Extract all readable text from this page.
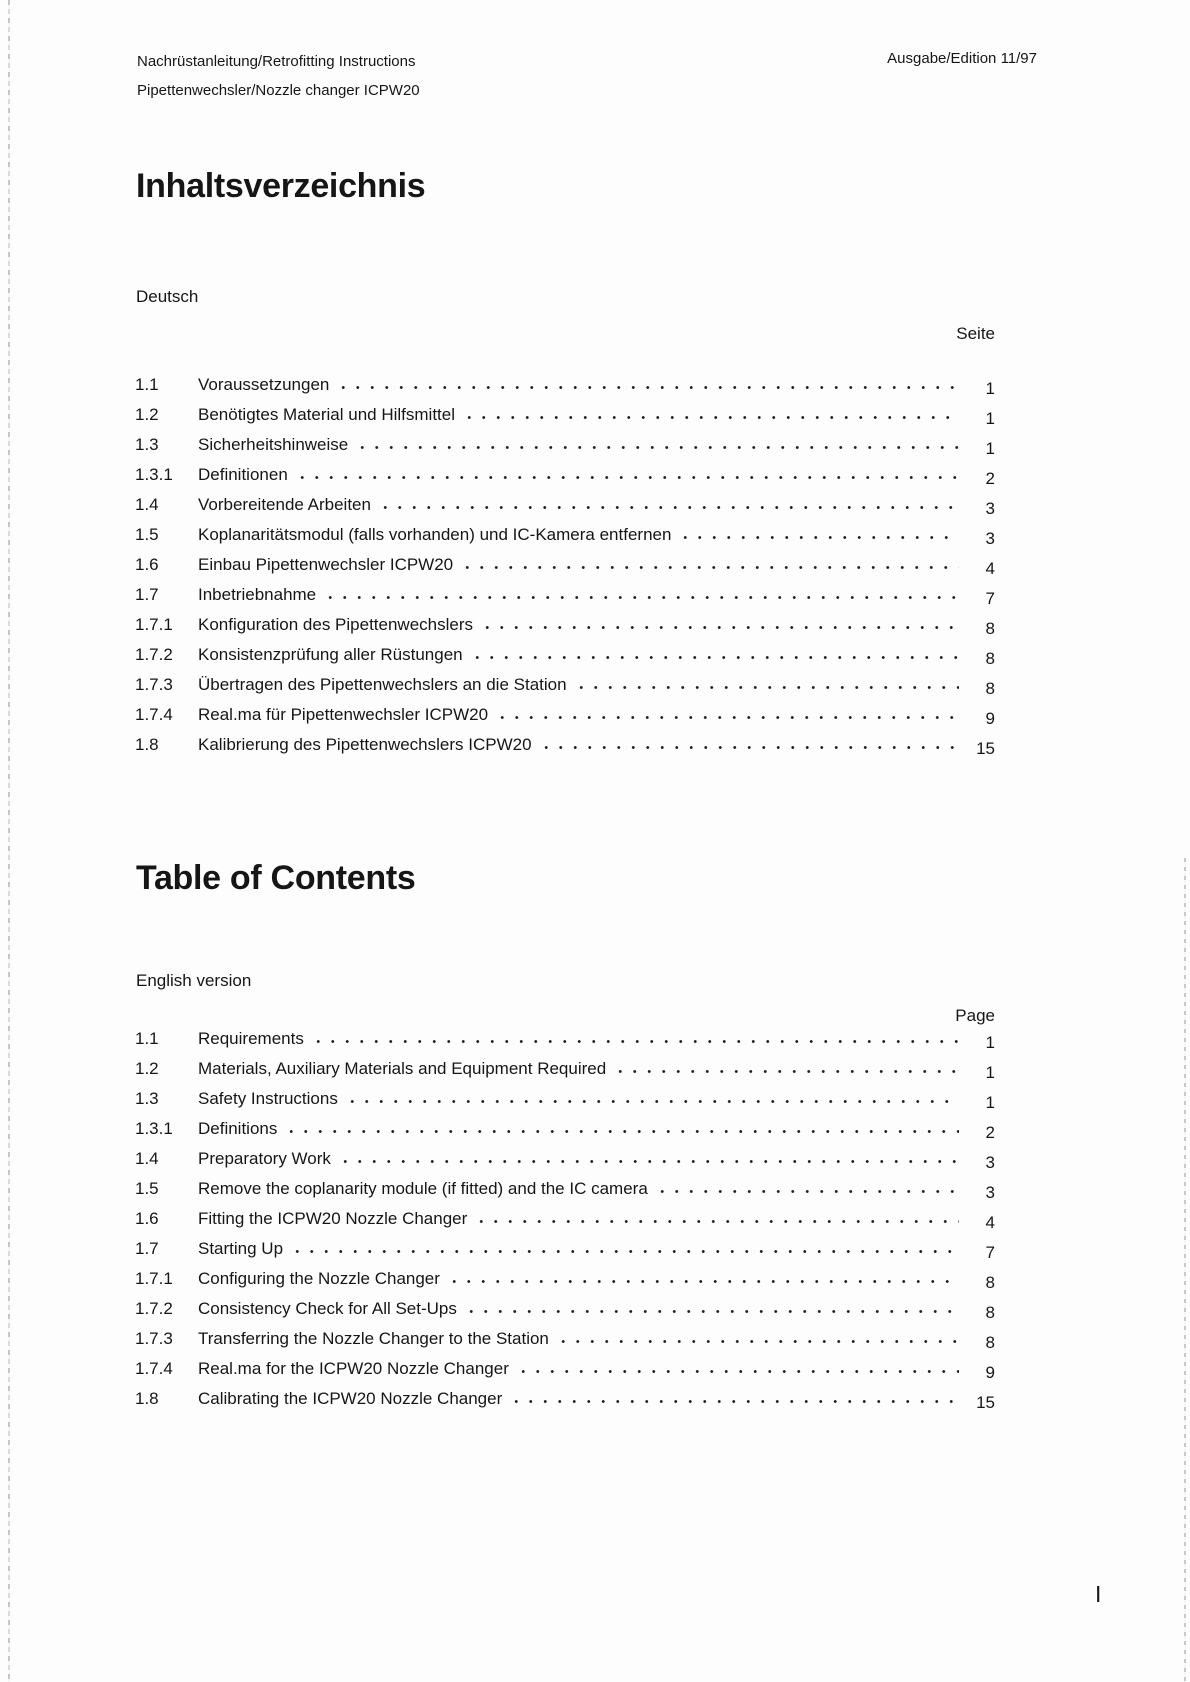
Nachrüstanleitung/Retrofitting Instructions
Pipettenwechsler/Nozzle changer ICPW20
Ausgabe/Edition 11/97
Inhaltsverzeichnis
Deutsch
Seite
1.1	Voraussetzungen	1
1.2	Benötigtes Material und Hilfsmittel	1
1.3	Sicherheitshinweise	1
1.3.1	Definitionen	2
1.4	Vorbereitende Arbeiten	3
1.5	Koplanaritätsmodul (falls vorhanden) und IC-Kamera entfernen	3
1.6	Einbau Pipettenwechsler ICPW20	4
1.7	Inbetriebnahme	7
1.7.1	Konfiguration des Pipettenwechslers	8
1.7.2	Konsistenzprüfung aller Rüstungen	8
1.7.3	Übertragen des Pipettenwechslers an die Station	8
1.7.4	Real.ma für Pipettenwechsler ICPW20	9
1.8	Kalibrierung des Pipettenwechslers ICPW20	15
Table of Contents
English version
Page
1.1	Requirements	1
1.2	Materials, Auxiliary Materials and Equipment Required	1
1.3	Safety Instructions	1
1.3.1	Definitions	2
1.4	Preparatory Work	3
1.5	Remove the coplanarity module (if fitted) and the IC camera	3
1.6	Fitting the ICPW20 Nozzle Changer	4
1.7	Starting Up	7
1.7.1	Configuring the Nozzle Changer	8
1.7.2	Consistency Check for All Set-Ups	8
1.7.3	Transferring the Nozzle Changer to the Station	8
1.7.4	Real.ma for the ICPW20 Nozzle Changer	9
1.8	Calibrating the ICPW20 Nozzle Changer	15
I
